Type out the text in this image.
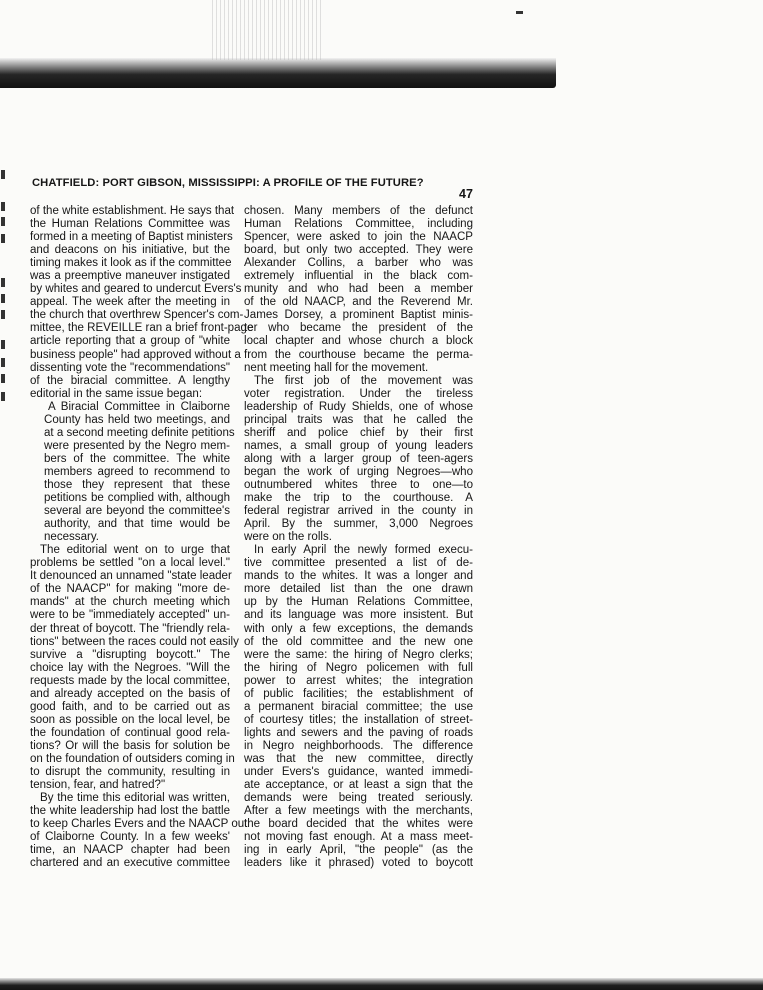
CHATFIELD: PORT GIBSON, MISSISSIPPI: A PROFILE OF THE FUTURE?
47
of the white establishment. He says that
the Human Relations Committee was
formed in a meeting of Baptist ministers
and deacons on his initiative, but the
timing makes it look as if the committee
was a preemptive maneuver instigated
by whites and geared to undercut Evers's
appeal. The week after the meeting in
the church that overthrew Spencer's com-
mittee, the REVEILLE ran a brief front-page
article reporting that a group of "white
business people" had approved without a
dissenting vote the "recommendations"
of the biracial committee. A lengthy
editorial in the same issue began:
A Biracial Committee in Claiborne
County has held two meetings, and
at a second meeting definite petitions
were presented by the Negro mem-
bers of the committee. The white
members agreed to recommend to
those they represent that these
petitions be complied with, although
several are beyond the committee's
authority, and that time would be
necessary.
The editorial went on to urge that
problems be settled "on a local level."
It denounced an unnamed "state leader
of the NAACP" for making "more de-
mands" at the church meeting which
were to be "immediately accepted" un-
der threat of boycott. The "friendly rela-
tions" between the races could not easily
survive a "disrupting boycott." The
choice lay with the Negroes. "Will the
requests made by the local committee,
and already accepted on the basis of
good faith, and to be carried out as
soon as possible on the local level, be
the foundation of continual good rela-
tions? Or will the basis for solution be
on the foundation of outsiders coming in
to disrupt the community, resulting in
tension, fear, and hatred?"
By the time this editorial was written,
the white leadership had lost the battle
to keep Charles Evers and the NAACP out
of Claiborne County. In a few weeks'
time, an NAACP chapter had been
chartered and an executive committee
chosen. Many members of the defunct
Human Relations Committee, including
Spencer, were asked to join the NAACP
board, but only two accepted. They were
Alexander Collins, a barber who was
extremely influential in the black com-
munity and who had been a member
of the old NAACP, and the Reverend Mr.
James Dorsey, a prominent Baptist minis-
ter who became the president of the
local chapter and whose church a block
from the courthouse became the perma-
nent meeting hall for the movement.
The first job of the movement was
voter registration. Under the tireless
leadership of Rudy Shields, one of whose
principal traits was that he called the
sheriff and police chief by their first
names, a small group of young leaders
along with a larger group of teen-agers
began the work of urging Negroes—who
outnumbered whites three to one—to
make the trip to the courthouse. A
federal registrar arrived in the county in
April. By the summer, 3,000 Negroes
were on the rolls.
In early April the newly formed execu-
tive committee presented a list of de-
mands to the whites. It was a longer and
more detailed list than the one drawn
up by the Human Relations Committee,
and its language was more insistent. But
with only a few exceptions, the demands
of the old committee and the new one
were the same: the hiring of Negro clerks;
the hiring of Negro policemen with full
power to arrest whites; the integration
of public facilities; the establishment of
a permanent biracial committee; the use
of courtesy titles; the installation of street-
lights and sewers and the paving of roads
in Negro neighborhoods. The difference
was that the new committee, directly
under Evers's guidance, wanted immedi-
ate acceptance, or at least a sign that the
demands were being treated seriously.
After a few meetings with the merchants,
the board decided that the whites were
not moving fast enough. At a mass meet-
ing in early April, "the people" (as the
leaders like it phrased) voted to boycott
